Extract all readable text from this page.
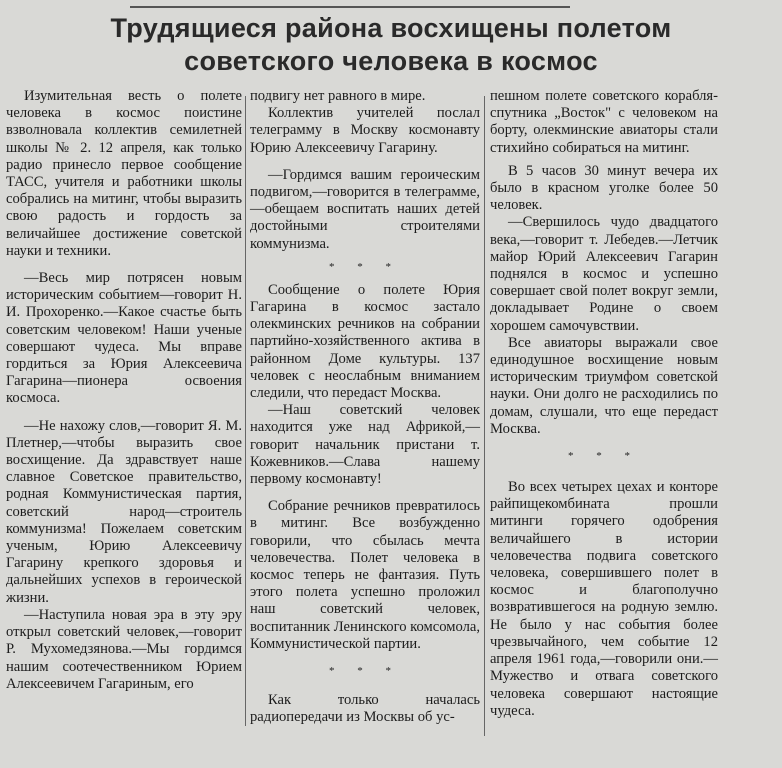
Трудящиеся района восхищены полетом
советского человека в космос

Изумительная весть о полете человека в космос поистине взволновала коллектив семилетней школы № 2. 12 апреля, как только радио принесло первое сообщение ТАСС, учителя и работники школы собрались на митинг, чтобы выразить свою радость и гордость за величайшее достижение советской науки и техники.

—Весь мир потрясен новым историческим событием—говорит Н. И. Прохоренко.—Какое счастье быть советским человеком! Наши ученые совершают чудеса. Мы вправе гордиться за Юрия Алексеевича Гагарина—пионера освоения космоса.

—Не нахожу слов,—говорит Я. М. Плетнер,—чтобы выразить свое восхищение. Да здравствует наше славное Советское правительство, родная Коммунистическая партия, советский народ—строитель коммунизма! Пожелаем советским ученым, Юрию Алексеевичу Гагарину крепкого здоровья и дальнейших успехов в героической жизни.

—Наступила новая эра в эту эру открыл советский человек,—говорит Р. Мухомедзянова.—Мы гордимся нашим соотечественником Юрием Алексеевичем Гагариным, его

подвигу нет равного в мире.

Коллектив учителей послал телеграмму в Москву космонавту Юрию Алексеевичу Гагарину.

—Гордимся вашим героическим подвигом,—говорится в телеграмме,—обещаем воспитать наших детей достойными строителями коммунизма.

* * *

Сообщение о полете Юрия Гагарина в космос застало олекминских речников на собрании партийно-хозяйственного актива в районном Доме культуры. 137 человек с неослабным вниманием следили, что передаст Москва.

—Наш советский человек находится уже над Африкой,—говорит начальник пристани т. Кожевников.—Слава нашему первому космонавту!

Собрание речников превратилось в митинг. Все возбужденно говорили, что сбылась мечта человечества. Полет человека в космос теперь не фантазия. Путь этого полета успешно проложил наш советский человек, воспитанник Ленинского комсомола, Коммунистической партии.

* * *

Как только началась радиопередачи из Москвы об ус-

пешном полете советского корабля-спутника „Восток" с человеком на борту, олекминские авиаторы стали стихийно собираться на митинг.

В 5 часов 30 минут вечера их было в красном уголке более 50 человек.

—Свершилось чудо двадцатого века,—говорит т. Лебедев.—Летчик майор Юрий Алексеевич Гагарин поднялся в космос и успешно совершает свой полет вокруг земли, докладывает Родине о своем хорошем самочувствии.

Все авиаторы выражали свое единодушное восхищение новым историческим триумфом советской науки. Они долго не расходились по домам, слушали, что еще передаст Москва.

* * *

Во всех четырех цехах и конторе райпищекомбината прошли митинги горячего одобрения величайшего в истории человечества подвига советского человека, совершившего полет в космос и благополучно возвратившегося на родную землю. Не было у нас события более чрезвычайного, чем событие 12 апреля 1961 года,—говорили они.—Мужество и отвага советского человека совершают настоящие чудеса.
